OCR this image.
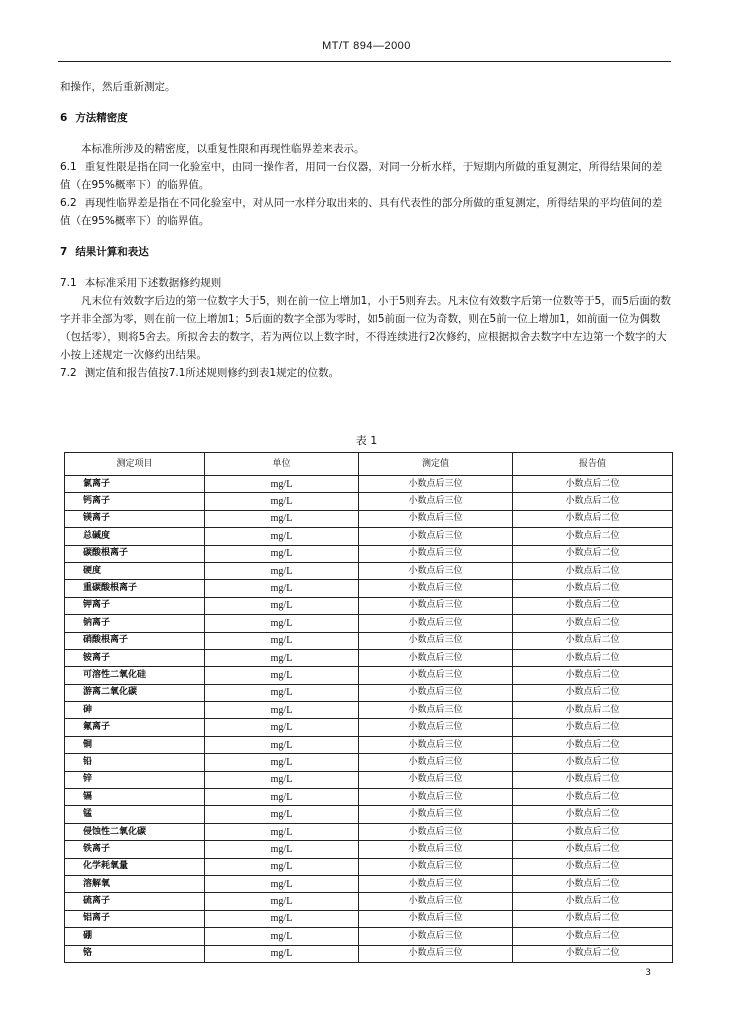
MT/T 894—2000

和操作，然后重新测定。

6 方法精密度

本标准所涉及的精密度，以重复性限和再现性临界差来表示。

6.1 重复性限是指在同一化验室中，由同一操作者，用同一台仪器，对同一分析水样，于短期内所做的重复测定，所得结果间的差值（在95%概率下）的临界值。

6.2 再现性临界差是指在不同化验室中，对从同一水样分取出来的、具有代表性的部分所做的重复测定，所得结果的平均值间的差值（在95%概率下）的临界值。

7 结果计算和表达

7.1 本标准采用下述数据修约规则

凡末位有效数字后边的第一位数字大于5，则在前一位上增加1，小于5则弃去。凡末位有效数字后第一位数等于5，而5后面的数字并非全部为零，则在前一位上增加1；5后面的数字全部为零时，如5前面一位为奇数，则在5前一位上增加1，如前面一位为偶数（包括零），则将5舍去。所拟舍去的数字，若为两位以上数字时，不得连续进行2次修约，应根据拟舍去数字中左边第一个数字的大小按上述规定一次修约出结果。

7.2 测定值和报告值按7.1所述规则修约到表1规定的位数。

表 1
测定项目	单位	测定值	报告值
氯离子	mg/L	小数点后三位	小数点后二位
钙离子	mg/L	小数点后三位	小数点后二位
镁离子	mg/L	小数点后三位	小数点后二位
总碱度	mg/L	小数点后三位	小数点后二位
碳酸根离子	mg/L	小数点后三位	小数点后二位
硬度	mg/L	小数点后三位	小数点后二位
重碳酸根离子	mg/L	小数点后三位	小数点后二位
钾离子	mg/L	小数点后三位	小数点后二位
钠离子	mg/L	小数点后三位	小数点后二位
硝酸根离子	mg/L	小数点后三位	小数点后二位
铵离子	mg/L	小数点后三位	小数点后二位
可溶性二氧化硅	mg/L	小数点后三位	小数点后二位
游离二氧化碳	mg/L	小数点后三位	小数点后二位
砷	mg/L	小数点后三位	小数点后二位
氟离子	mg/L	小数点后三位	小数点后二位
铜	mg/L	小数点后三位	小数点后二位
铅	mg/L	小数点后三位	小数点后二位
锌	mg/L	小数点后三位	小数点后二位
镉	mg/L	小数点后三位	小数点后二位
锰	mg/L	小数点后三位	小数点后二位
侵蚀性二氧化碳	mg/L	小数点后三位	小数点后二位
铁离子	mg/L	小数点后三位	小数点后二位
化学耗氧量	mg/L	小数点后三位	小数点后二位
溶解氧	mg/L	小数点后三位	小数点后二位
硫离子	mg/L	小数点后三位	小数点后二位
铝离子	mg/L	小数点后三位	小数点后二位
硼	mg/L	小数点后三位	小数点后二位
铬	mg/L	小数点后三位	小数点后二位
3
